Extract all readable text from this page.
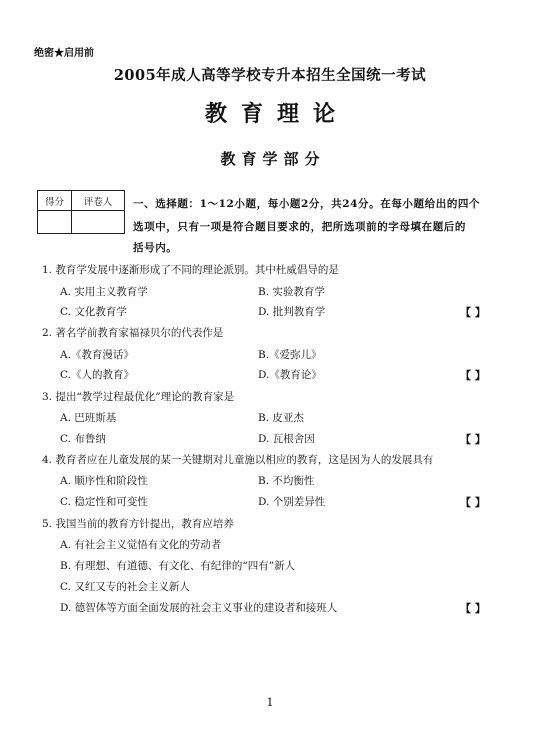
绝密★启用前
2005年成人高等学校专升本招生全国统一考试
教育理论
教育学部分
得分	评卷人
	一、选择题：1～12小题，每小题2分，共24分。在每小题给出的四个
选项中，只有一项是符合题目要求的，把所选项前的字母填在题后的
括号内。
1. 教育学发展中逐渐形成了不同的理论派别。其中杜威倡导的是
A. 实用主义教育学	B. 实验教育学
C. 文化教育学	D. 批判教育学	【 】
2. 著名学前教育家福禄贝尔的代表作是
A.《教育漫话》	B.《爱弥儿》
C.《人的教育》	D.《教育论》	【 】
3. 提出“教学过程最优化”理论的教育家是
A. 巴班斯基	B. 皮亚杰
C. 布鲁纳	D. 瓦根舍因	【 】
4. 教育者应在儿童发展的某一关键期对儿童施以相应的教育，这是因为人的发展具有
A. 顺序性和阶段性	B. 不均衡性
C. 稳定性和可变性	D. 个别差异性	【 】
5. 我国当前的教育方针提出，教育应培养
A. 有社会主义觉悟有文化的劳动者
B. 有理想、有道德、有文化、有纪律的“四有”新人
C. 又红又专的社会主义新人
D. 德智体等方面全面发展的社会主义事业的建设者和接班人	【 】
1
